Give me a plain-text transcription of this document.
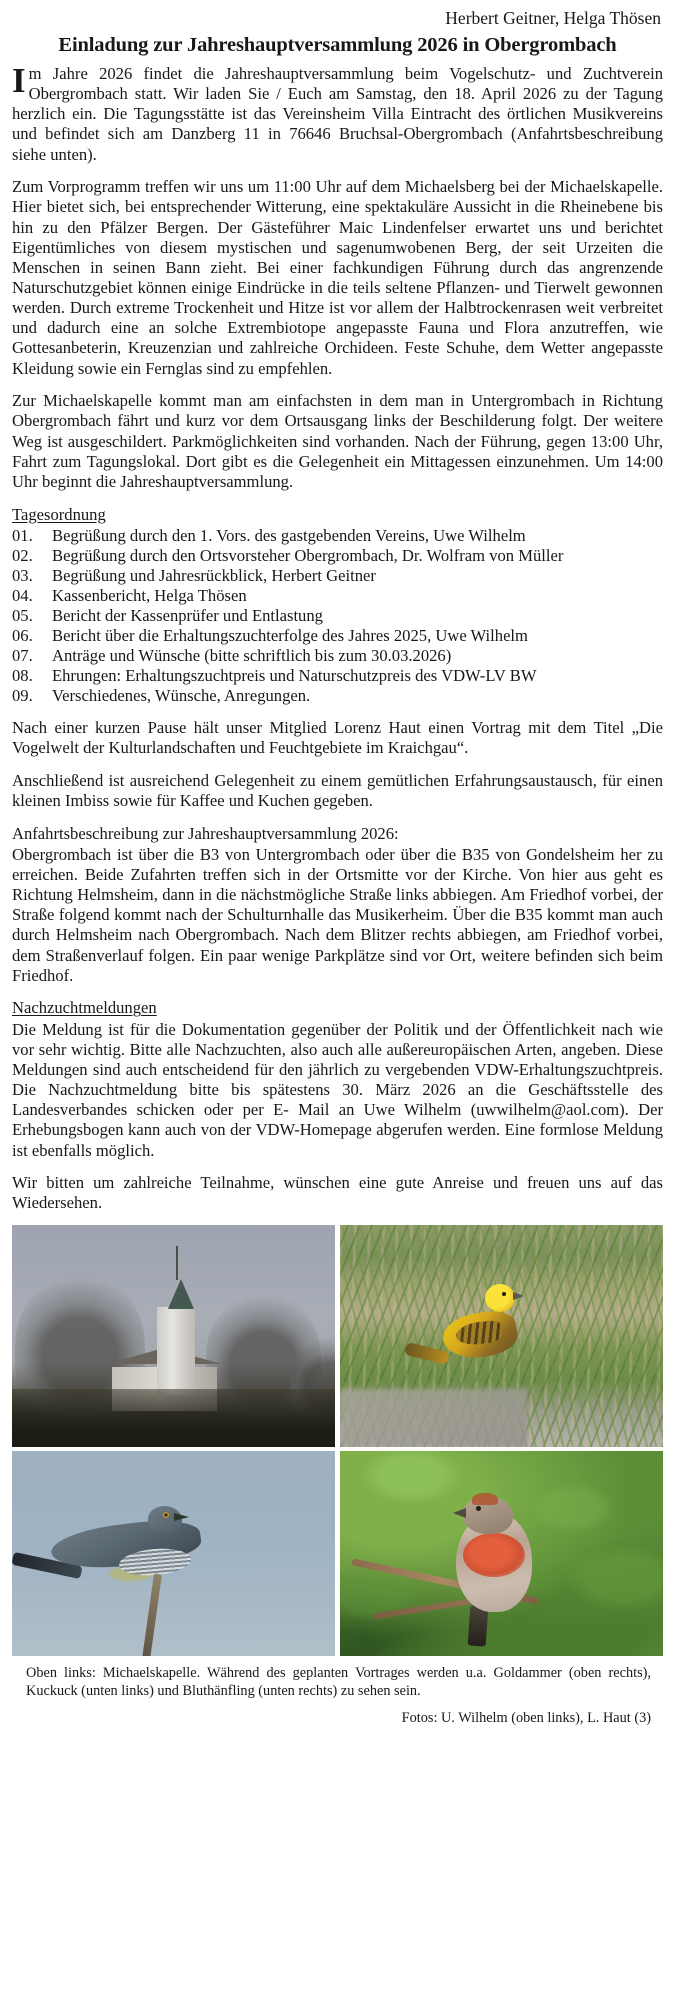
Herbert Geitner, Helga Thösen
Einladung zur Jahreshauptversammlung 2026 in Obergrombach

Im Jahre 2026 findet die Jahreshauptversammlung beim Vogelschutz- und Zuchtverein Obergrombach statt. Wir laden Sie / Euch am Samstag, den 18. April 2026 zu der Tagung herzlich ein. Die Tagungsstätte ist das Vereinsheim Villa Eintracht des örtlichen Musikvereins und befindet sich am Danzberg 11 in 76646 Bruchsal-Obergrombach (Anfahrtsbeschreibung siehe unten).

Zum Vorprogramm treffen wir uns um 11:00 Uhr auf dem Michaelsberg bei der Michaelskapelle. Hier bietet sich, bei entsprechender Witterung, eine spektakuläre Aussicht in die Rheinebene bis hin zu den Pfälzer Bergen. Der Gästeführer Maic Lindenfelser erwartet uns und berichtet Eigentümliches von diesem mystischen und sagenumwobenen Berg, der seit Urzeiten die Menschen in seinen Bann zieht. Bei einer fachkundigen Führung durch das angrenzende Naturschutzgebiet können einige Eindrücke in die teils seltene Pflanzen- und Tierwelt gewonnen werden. Durch extreme Trockenheit und Hitze ist vor allem der Halbtrockenrasen weit verbreitet und dadurch eine an solche Extrembiotope angepasste Fauna und Flora anzutreffen, wie Gottesanbeterin, Kreuzenzian und zahlreiche Orchideen. Feste Schuhe, dem Wetter angepasste Kleidung sowie ein Fernglas sind zu empfehlen.

Zur Michaelskapelle kommt man am einfachsten in dem man in Untergrombach in Richtung Obergrombach fährt und kurz vor dem Ortsausgang links der Beschilderung folgt. Der weitere Weg ist ausgeschildert. Parkmöglichkeiten sind vorhanden. Nach der Führung, gegen 13:00 Uhr, Fahrt zum Tagungslokal. Dort gibt es die Gelegenheit ein Mittagessen einzunehmen. Um 14:00 Uhr beginnt die Jahreshauptversammlung.

Tagesordnung
01.	Begrüßung durch den 1. Vors. des gastgebenden Vereins, Uwe Wilhelm
02.	Begrüßung durch den Ortsvorsteher Obergrombach, Dr. Wolfram von Müller
03.	Begrüßung und Jahresrückblick, Herbert Geitner
04.	Kassenbericht, Helga Thösen
05.	Bericht der Kassenprüfer und Entlastung
06.	Bericht über die Erhaltungszuchterfolge des Jahres 2025, Uwe Wilhelm
07.	Anträge und Wünsche (bitte schriftlich bis zum 30.03.2026)
08.	Ehrungen: Erhaltungszuchtpreis und Naturschutzpreis des VDW-LV BW
09.	Verschiedenes, Wünsche, Anregungen.

Nach einer kurzen Pause hält unser Mitglied Lorenz Haut einen Vortrag mit dem Titel „Die Vogelwelt der Kulturlandschaften und Feuchtgebiete im Kraichgau“.

Anschließend ist ausreichend Gelegenheit zu einem gemütlichen Erfahrungsaustausch, für einen kleinen Imbiss sowie für Kaffee und Kuchen gegeben.

Anfahrtsbeschreibung zur Jahreshauptversammlung 2026:

Obergrombach ist über die B3 von Untergrombach oder über die B35 von Gondelsheim her zu erreichen. Beide Zufahrten treffen sich in der Ortsmitte vor der Kirche. Von hier aus geht es Richtung Helmsheim, dann in die nächstmögliche Straße links abbiegen. Am Friedhof vorbei, der Straße folgend kommt nach der Schulturnhalle das Musikerheim. Über die B35 kommt man auch durch Helmsheim nach Obergrombach. Nach dem Blitzer rechts abbiegen, am Friedhof vorbei, dem Straßenverlauf folgen. Ein paar wenige Parkplätze sind vor Ort, weitere befinden sich beim Friedhof.

Nachzuchtmeldungen

Die Meldung ist für die Dokumentation gegenüber der Politik und der Öffentlichkeit nach wie vor sehr wichtig. Bitte alle Nachzuchten, also auch alle außereuropäischen Arten, angeben. Diese Meldungen sind auch entscheidend für den jährlich zu vergebenden VDW-Erhaltungszuchtpreis. Die Nachzuchtmeldung bitte bis spätestens 30. März 2026 an die Geschäftsstelle des Landesverbandes schicken oder per E- Mail an Uwe Wilhelm (uwwilhelm@aol.com). Der Erhebungsbogen kann auch von der VDW-Homepage abgerufen werden. Eine formlose Meldung ist ebenfalls möglich.

Wir bitten um zahlreiche Teilnahme, wünschen eine gute Anreise und freuen uns auf das Wiedersehen.

Oben links: Michaelskapelle. Während des geplanten Vortrages werden u.a. Goldammer (oben rechts), Kuckuck (unten links) und Bluthänfling (unten rechts) zu sehen sein.
Fotos: U. Wilhelm (oben links), L. Haut (3)
